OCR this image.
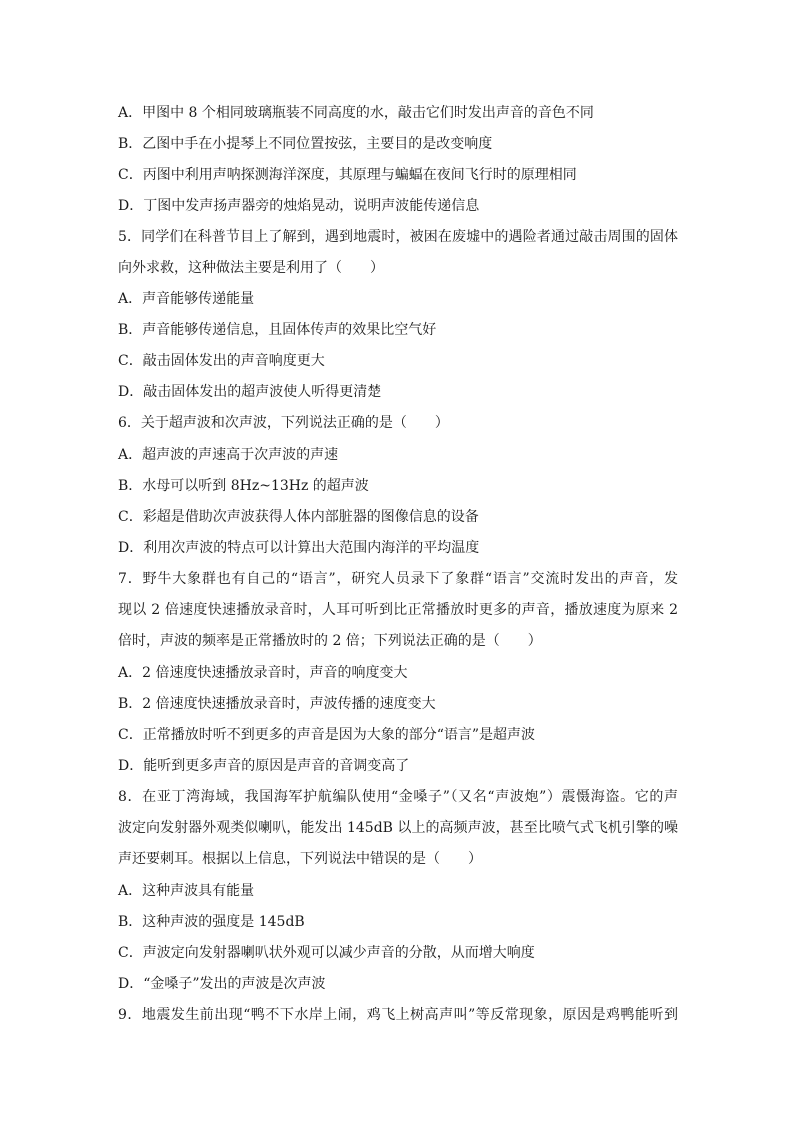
A．甲图中 8 个相同玻璃瓶装不同高度的水，敲击它们时发出声音的音色不同
B．乙图中手在小提琴上不同位置按弦，主要目的是改变响度
C．丙图中利用声呐探测海洋深度，其原理与蝙蝠在夜间飞行时的原理相同
D．丁图中发声扬声器旁的烛焰晃动，说明声波能传递信息
5．同学们在科普节目上了解到，遇到地震时，被困在废墟中的遇险者通过敲击周围的固体
向外求救，这种做法主要是利用了（　　）
A．声音能够传递能量
B．声音能够传递信息，且固体传声的效果比空气好
C．敲击固体发出的声音响度更大
D．敲击固体发出的超声波使人听得更清楚
6．关于超声波和次声波，下列说法正确的是（　　）
A．超声波的声速高于次声波的声速
B．水母可以听到 8Hz~13Hz 的超声波
C．彩超是借助次声波获得人体内部脏器的图像信息的设备
D．利用次声波的特点可以计算出大范围内海洋的平均温度
7．野牛大象群也有自己的“语言”，研究人员录下了象群“语言”交流时发出的声音，发
现以 2 倍速度快速播放录音时，人耳可听到比正常播放时更多的声音，播放速度为原来 2
倍时，声波的频率是正常播放时的 2 倍；下列说法正确的是（　　）
A．2 倍速度快速播放录音时，声音的响度变大
B．2 倍速度快速播放录音时，声波传播的速度变大
C．正常播放时听不到更多的声音是因为大象的部分“语言”是超声波
D．能听到更多声音的原因是声音的音调变高了
8．在亚丁湾海域，我国海军护航编队使用“金嗓子”（又名“声波炮”）震慑海盗。它的声
波定向发射器外观类似喇叭，能发出 145dB 以上的高频声波，甚至比喷气式飞机引擎的噪
声还要刺耳。根据以上信息，下列说法中错误的是（　　）
A．这种声波具有能量
B．这种声波的强度是 145dB
C．声波定向发射器喇叭状外观可以减少声音的分散，从而增大响度
D．“金嗓子”发出的声波是次声波
9．地震发生前出现“鸭不下水岸上闹，鸡飞上树高声叫”等反常现象，原因是鸡鸭能听到
